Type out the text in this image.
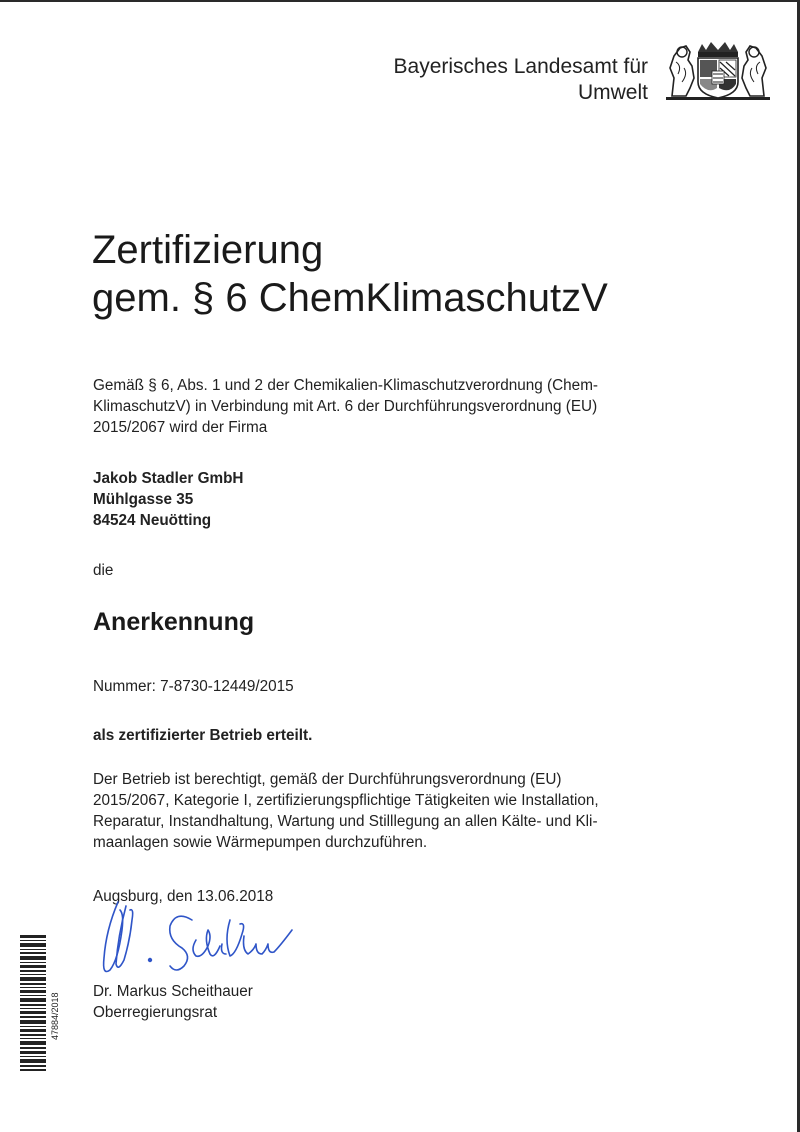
Bayerisches Landesamt für
Umwelt
Zertifizierung
gem. § 6 ChemKlimaschutzV
Gemäß § 6, Abs. 1 und 2 der Chemikalien-Klimaschutzverordnung (Chem-
KlimaschutzV) in Verbindung mit Art. 6 der Durchführungsverordnung (EU)
2015/2067 wird der Firma
Jakob Stadler GmbH
Mühlgasse 35
84524 Neuötting
die
Anerkennung
Nummer: 7-8730-12449/2015
als zertifizierter Betrieb erteilt.
Der Betrieb ist berechtigt, gemäß der Durchführungsverordnung (EU)
2015/2067, Kategorie I, zertifizierungspflichtige Tätigkeiten wie Installation,
Reparatur, Instandhaltung, Wartung und Stilllegung an allen Kälte- und Kli-
maanlagen sowie Wärmepumpen durchzuführen.
Augsburg, den 13.06.2018
Dr. Markus Scheithauer
Oberregierungsrat
47884/2018
